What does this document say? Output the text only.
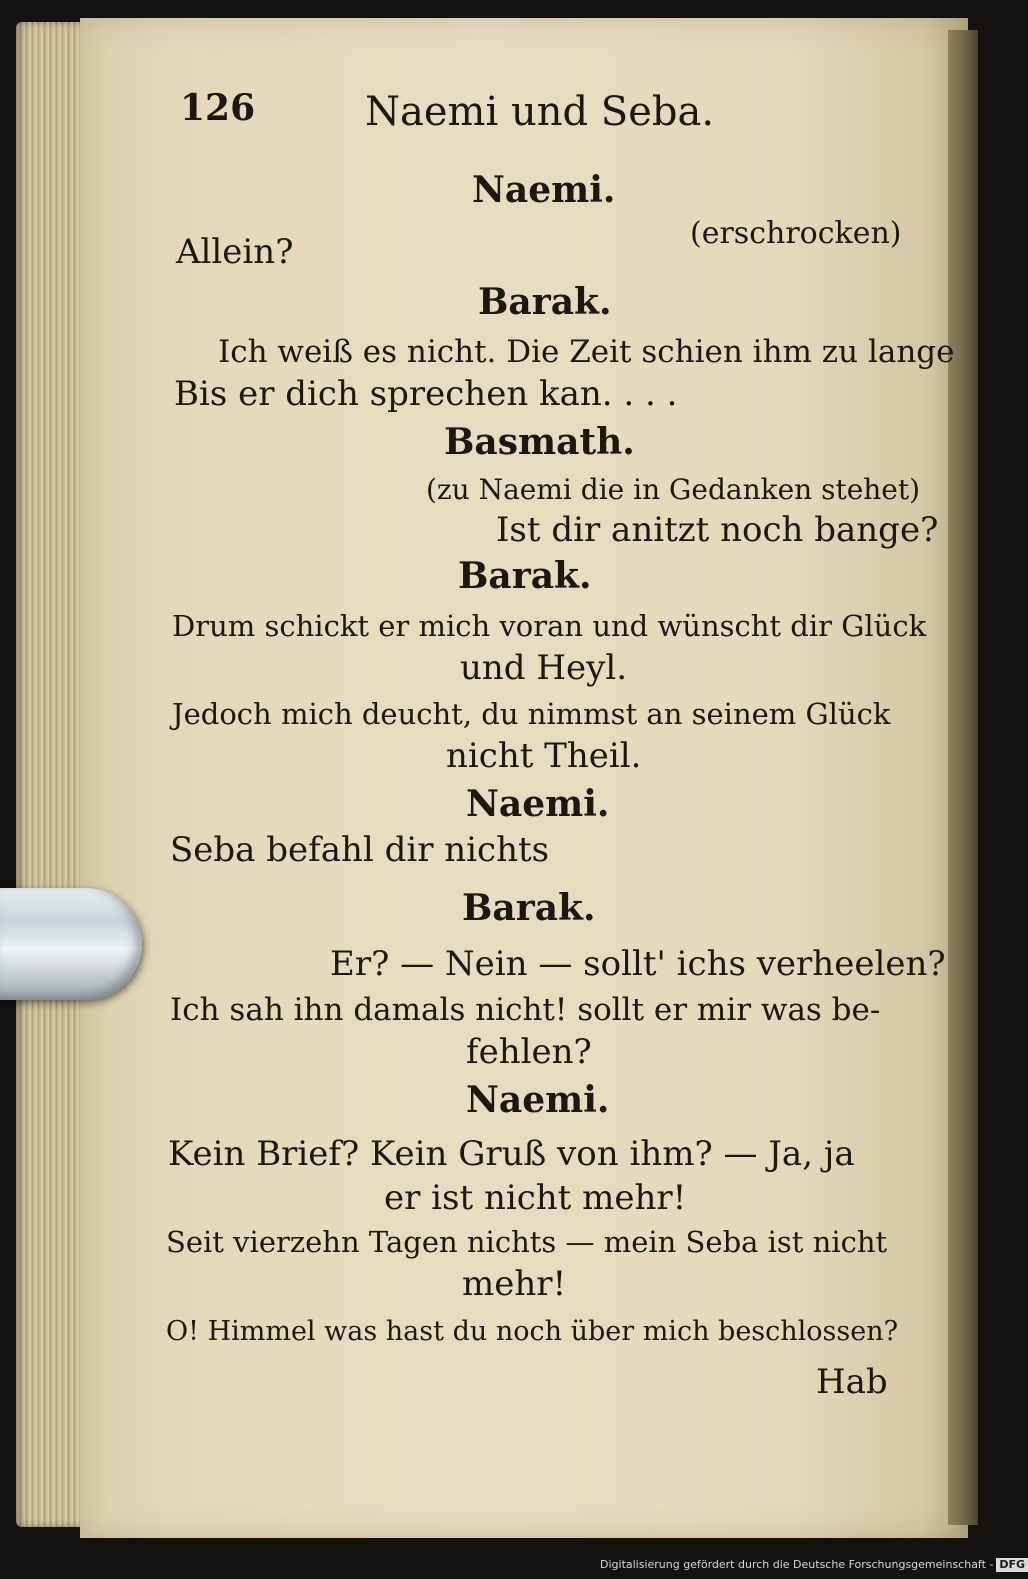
126	Naemi und Seba.
Naemi.
(erschrocken)
Allein?
Barak.
Ich weiß es nicht. Die Zeit schien ihm zu lange
Bis er dich sprechen kan. . . .
Basmath.
(zu Naemi die in Gedanken stehet)
Ist dir anitzt noch bange?
Barak.
Drum schickt er mich voran und wünscht dir Glück
und Heyl.
Jedoch mich deucht, du nimmst an seinem Glück
nicht Theil.
Naemi.
Seba befahl dir nichts
Barak.
Er? — Nein — sollt' ichs verheelen?
Ich sah ihn damals nicht! sollt er mir was be-
fehlen?
Naemi.
Kein Brief? Kein Gruß von ihm? — Ja, ja
er ist nicht mehr!
Seit vierzehn Tagen nichts — mein Seba ist nicht
mehr!
O! Himmel was hast du noch über mich beschlossen?
Hab
Digitalisierung gefördert durch die Deutsche Forschungsgemeinschaft - DFG
